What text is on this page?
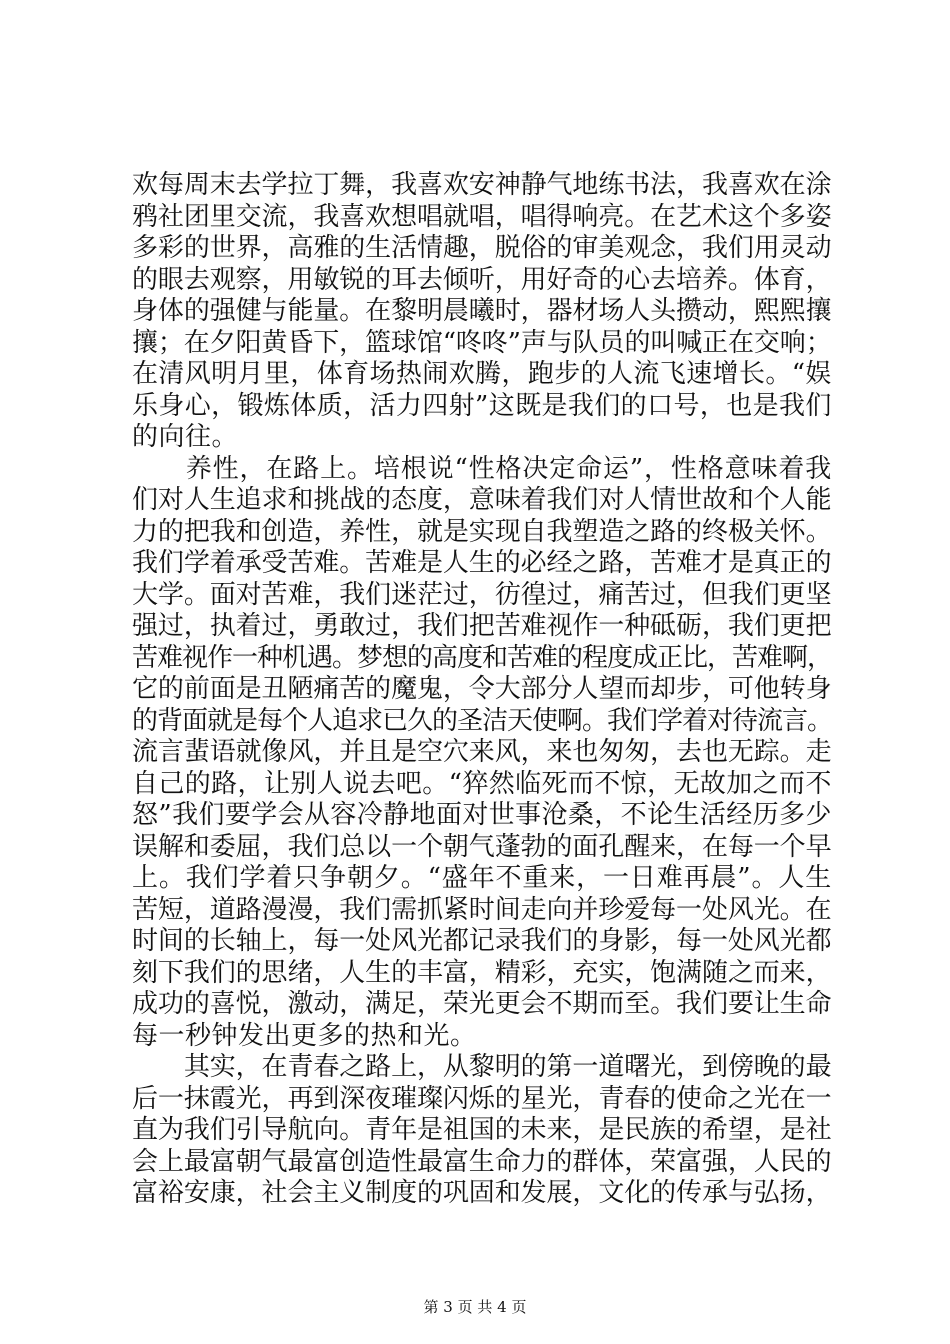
欢每周末去学拉丁舞，我喜欢安神静气地练书法，我喜欢在涂
鸦社团里交流，我喜欢想唱就唱，唱得响亮。在艺术这个多姿
多彩的世界，高雅的生活情趣，脱俗的审美观念，我们用灵动
的眼去观察，用敏锐的耳去倾听，用好奇的心去培养。体育，
身体的强健与能量。在黎明晨曦时，器材场人头攒动，熙熙攘
攘；在夕阳黄昏下，篮球馆“咚咚”声与队员的叫喊正在交响；
在清风明月里，体育场热闹欢腾，跑步的人流飞速增长。“娱
乐身心，锻炼体质，活力四射”这既是我们的口号，也是我们
的向往。
　　养性，在路上。培根说“性格决定命运”，性格意味着我
们对人生追求和挑战的态度，意味着我们对人情世故和个人能
力的把我和创造，养性，就是实现自我塑造之路的终极关怀。
我们学着承受苦难。苦难是人生的必经之路，苦难才是真正的
大学。面对苦难，我们迷茫过，彷徨过，痛苦过，但我们更坚
强过，执着过，勇敢过，我们把苦难视作一种砥砺，我们更把
苦难视作一种机遇。梦想的高度和苦难的程度成正比，苦难啊，
它的前面是丑陋痛苦的魔鬼，令大部分人望而却步，可他转身
的背面就是每个人追求已久的圣洁天使啊。我们学着对待流言。
流言蜚语就像风，并且是空穴来风，来也匆匆，去也无踪。走
自己的路，让别人说去吧。“猝然临死而不惊，无故加之而不
怒”我们要学会从容冷静地面对世事沧桑，不论生活经历多少
误解和委屈，我们总以一个朝气蓬勃的面孔醒来，在每一个早
上。我们学着只争朝夕。“盛年不重来，一日难再晨”。人生
苦短，道路漫漫，我们需抓紧时间走向并珍爱每一处风光。在
时间的长轴上，每一处风光都记录我们的身影，每一处风光都
刻下我们的思绪，人生的丰富，精彩，充实，饱满随之而来，
成功的喜悦，激动，满足，荣光更会不期而至。我们要让生命
每一秒钟发出更多的热和光。
　　其实，在青春之路上，从黎明的第一道曙光，到傍晚的最
后一抹霞光，再到深夜璀璨闪烁的星光，青春的使命之光在一
直为我们引导航向。青年是祖国的未来，是民族的希望，是社
会上最富朝气最富创造性最富生命力的群体，荣富强，人民的
富裕安康，社会主义制度的巩固和发展，文化的传承与弘扬，
第 3 页 共 4 页
